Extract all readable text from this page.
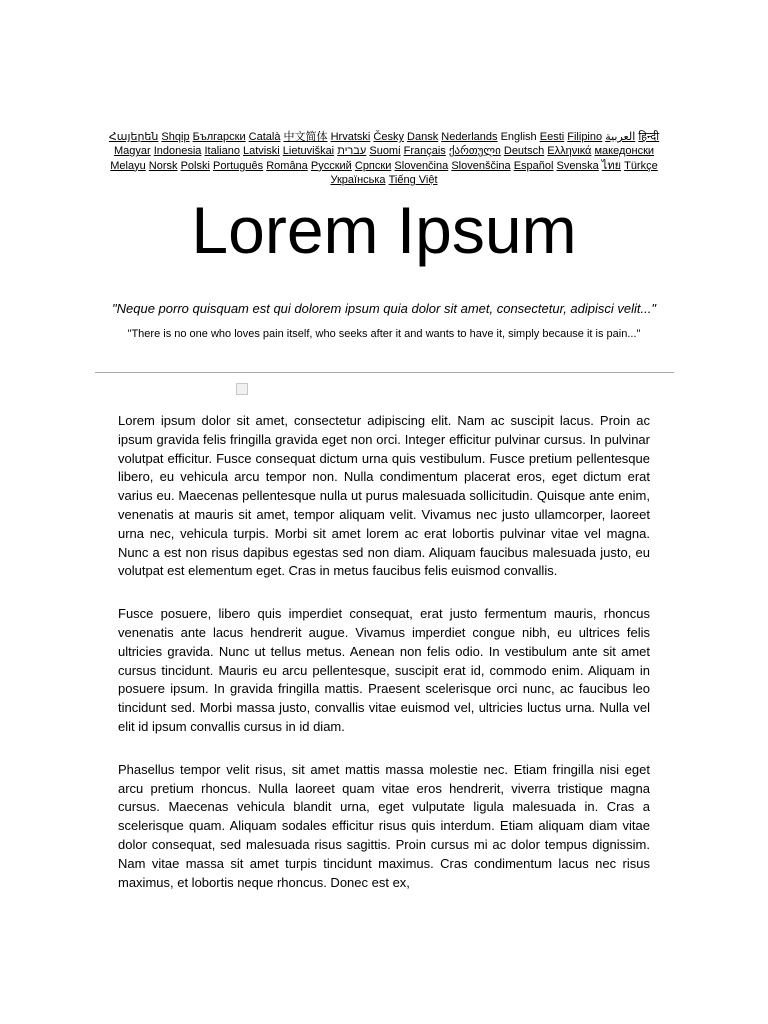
Հայերեն Shqip Български Català 中文简体 Hrvatski Česky Dansk Nederlands English Eesti Filipino العربية हिन्दी Magyar Indonesia Italiano Latviski Lietuviškai עברית Suomi Français ქართული Deutsch Ελληνικά македонски Melayu Norsk Polski Português Româna Pyccкий Српски Slovenčina Slovenščina Español Svenska ไทย Türkçe Українська Tiếng Việt
Lorem Ipsum
"Neque porro quisquam est qui dolorem ipsum quia dolor sit amet, consectetur, adipisci velit..."
"There is no one who loves pain itself, who seeks after it and wants to have it, simply because it is pain..."

Lorem ipsum dolor sit amet, consectetur adipiscing elit. Nam ac suscipit lacus. Proin ac ipsum gravida felis fringilla gravida eget non orci. Integer efficitur pulvinar cursus. In pulvinar volutpat efficitur. Fusce consequat dictum urna quis vestibulum. Fusce pretium pellentesque libero, eu vehicula arcu tempor non. Nulla condimentum placerat eros, eget dictum erat varius eu. Maecenas pellentesque nulla ut purus malesuada sollicitudin. Quisque ante enim, venenatis at mauris sit amet, tempor aliquam velit. Vivamus nec justo ullamcorper, laoreet urna nec, vehicula turpis. Morbi sit amet lorem ac erat lobortis pulvinar vitae vel magna. Nunc a est non risus dapibus egestas sed non diam. Aliquam faucibus malesuada justo, eu volutpat est elementum eget. Cras in metus faucibus felis euismod convallis.

Fusce posuere, libero quis imperdiet consequat, erat justo fermentum mauris, rhoncus venenatis ante lacus hendrerit augue. Vivamus imperdiet congue nibh, eu ultrices felis ultricies gravida. Nunc ut tellus metus. Aenean non felis odio. In vestibulum ante sit amet cursus tincidunt. Mauris eu arcu pellentesque, suscipit erat id, commodo enim. Aliquam in posuere ipsum. In gravida fringilla mattis. Praesent scelerisque orci nunc, ac faucibus leo tincidunt sed. Morbi massa justo, convallis vitae euismod vel, ultricies luctus urna. Nulla vel elit id ipsum convallis cursus in id diam.

Phasellus tempor velit risus, sit amet mattis massa molestie nec. Etiam fringilla nisi eget arcu pretium rhoncus. Nulla laoreet quam vitae eros hendrerit, viverra tristique magna cursus. Maecenas vehicula blandit urna, eget vulputate ligula malesuada in. Cras a scelerisque quam. Aliquam sodales efficitur risus quis interdum. Etiam aliquam diam vitae dolor consequat, sed malesuada risus sagittis. Proin cursus mi ac dolor tempus dignissim. Nam vitae massa sit amet turpis tincidunt maximus. Cras condimentum lacus nec risus maximus, et lobortis neque rhoncus. Donec est ex,
